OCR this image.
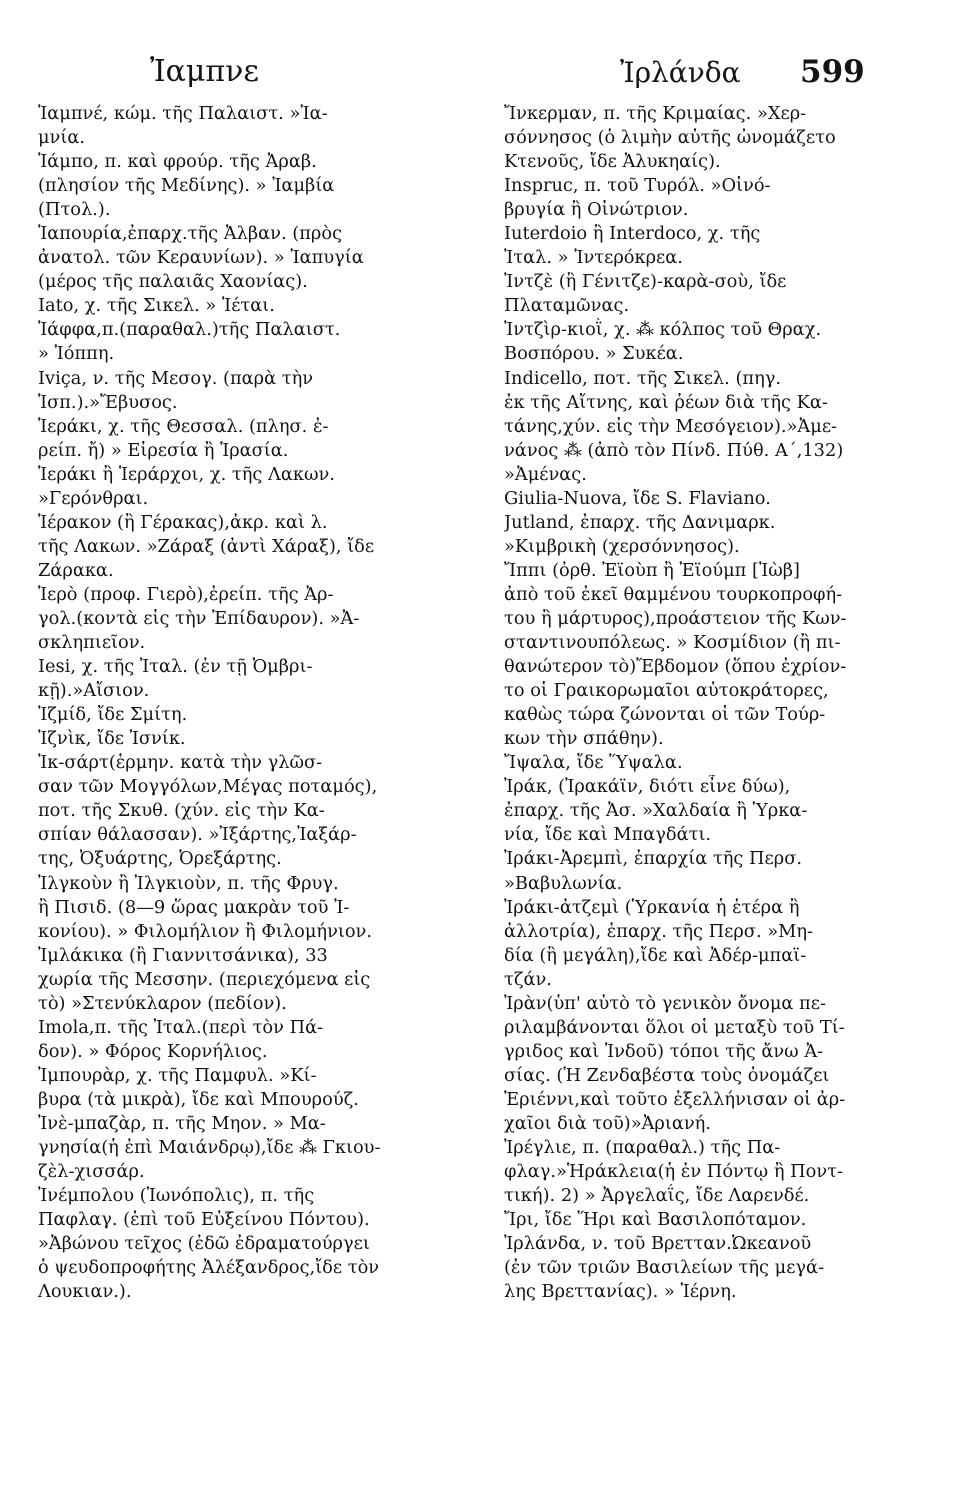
Ἰαμπνε	Ἰρλάνδα 599
Ἰαμπνέ, κώμ. τῆς Παλαιστ. »Ἰα-
μνία.
Ἰάμπο, π. καὶ φρούρ. τῆς Ἀραβ.
(πλησίον τῆς Μεδίνης). » Ἰαμβία
(Πτολ.).
Ἰαπουρία,ἐπαρχ.τῆς Ἀλβαν. (πρὸς
ἀνατολ. τῶν Κεραυνίων). » Ἰαπυγία
(μέρος τῆς παλαιᾶς Χαονίας).
Iato, χ. τῆς Σικελ. » Ἰέται.
Ἰάφφα,π.(παραθαλ.)τῆς Παλαιστ.
» Ἰόππη.
Iviça, ν. τῆς Μεσογ. (παρὰ τὴν
Ἱσπ.).»Ἔβυσος.
Ἱεράκι, χ. τῆς Θεσσαλ. (πλησ. ἐ-
ρείπ. ἤ) » Εἰρεσία ἢ Ἱρασία.
Ἱεράκι ἢ Ἱεράρχοι, χ. τῆς Λακων.
»Γερόνθραι.
Ἱέρακον (ἢ Γέρακας),ἀκρ. καὶ λ.
τῆς Λακων. »Ζάραξ (ἀντὶ Χάραξ), ἴδε
Ζάρακα.
Ἱερὸ (προφ. Γιερὸ),ἐρείπ. τῆς Ἀρ-
γολ.(κοντὰ εἰς τὴν Ἐπίδαυρον). »Ἀ-
σκληπιεῖον.
Iesi, χ. τῆς Ἰταλ. (ἐν τῇ Ὀμβρι-
κῇ).»Αἴσιον.
Ἰζμίδ, ἴδε Σμίτη.
Ἰζνὶκ, ἴδε Ἰσνίκ.
Ἰκ-σάρτ(ἑρμην. κατὰ τὴν γλῶσ-
σαν τῶν Μογγόλων,Μέγας ποταμός),
ποτ. τῆς Σκυθ. (χύν. εἰς τὴν Κα-
σπίαν θάλασσαν). »Ἰξάρτης,Ἰαξάρ-
της, Ὀξυάρτης, Ὀρεξάρτης.
Ἰλγκοὺν ἢ Ἰλγκιοὺν, π. τῆς Φρυγ.
ἢ Πισιδ. (8—9 ὥρας μακρὰν τοῦ Ἰ-
κονίου). » Φιλομήλιον ἢ Φιλομήνιον.
Ἰμλάκικα (ἢ Γιαννιτσάνικα), 33
χωρία τῆς Μεσσην. (περιεχόμενα εἰς
τὸ) »Στενύκλαρον (πεδίον).
Imola,π. τῆς Ἰταλ.(περὶ τὸν Πά-
δον). » Φόρος Κορνήλιος.
Ἰμπουρὰρ, χ. τῆς Παμφυλ. »Κί-
βυρα (τὰ μικρὰ), ἴδε καὶ Μπουρούζ.
Ἰνὲ-μπαζὰρ, π. τῆς Μηον. » Μα-
γνησία(ἡ ἐπὶ Μαιάνδρῳ),ἴδε ⁂ Γκιου-
ζὲλ-χισσάρ.
Ἰνέμπολου (Ἰωνόπολις), π. τῆς
Παφλαγ. (ἐπὶ τοῦ Εὐξείνου Πόντου).
»Ἀβώνου τεῖχος (ἐδῶ ἐδραματούργει
ὁ ψευδοπροφήτης Ἀλέξανδρος,ἴδε τὸν
Λουκιαν.).
Ἴνκερμαν, π. τῆς Κριμαίας. »Χερ-
σόννησος (ὁ λιμὴν αὐτῆς ὠνομάζετο
Κτενοῦς, ἴδε Ἀλυκηαίς).
Inspruc, π. τοῦ Τυρόλ. »Οἰνό-
βρυγία ἢ Οἰνώτριον.
Iuterdoio ἢ Interdoco, χ. τῆς
Ἰταλ. » Ἰντερόκρεα.
Ἰντζὲ (ἢ Γένιτζε)-καρὰ-σοὺ, ἴδε
Πλαταμῶνας.
Ἰντζὶρ-κιοῒ, χ. ⁂ κόλπος τοῦ Θραχ.
Βοσπόρου. » Συκέα.
Indicello, ποτ. τῆς Σικελ. (πηγ.
ἐκ τῆς Αἴτνης, καὶ ῥέων διὰ τῆς Κα-
τάνης,χύν. εἰς τὴν Μεσόγειον).»Ἀμε-
νάνος ⁂ (ἀπὸ τὸν Πίνδ. Πύθ. Α΄,132)
»Ἀμένας.
Giulia-Nuova, ἴδε S. Flaviano.
Jutland, ἐπαρχ. τῆς Δανιμαρκ.
»Κιμβρικὴ (χερσόννησος).
Ἴππι (ὀρθ. Ἐϊοὺπ ἢ Ἐϊούμπ [Ἰὼβ]
ἀπὸ τοῦ ἐκεῖ θαμμένου τουρκοπροφή-
του ἢ μάρτυρος),προάστειον τῆς Κων-
σταντινουπόλεως. » Κοσμίδιον (ἢ πι-
θανώτερον τὸ)Ἔβδομον (ὅπου ἐχρίον-
το οἱ Γραικορωμαῖοι αὐτοκράτορες,
καθὼς τώρα ζώνονται οἱ τῶν Τούρ-
κων τὴν σπάθην).
Ἴψαλα, ἴδε Ὕψαλα.
Ἰράκ, (Ἰρακάϊν, διότι εἶνε δύω),
ἐπαρχ. τῆς Ἀσ. »Χαλδαία ἢ Ὑρκα-
νία, ἴδε καὶ Μπαγδάτι.
Ἰράκι-Ἀρεμπὶ, ἐπαρχία τῆς Περσ.
»Βαβυλωνία.
Ἰράκι-ἀτζεμὶ (Ὑρκανία ἡ ἑτέρα ἢ
ἀλλοτρία), ἐπαρχ. τῆς Περσ. »Μη-
δία (ἢ μεγάλη),ἴδε καὶ Ἀδέρ-μπαϊ-
τζάν.
Ἰρὰν(ὑπ' αὐτὸ τὸ γενικὸν ὄνομα πε-
ριλαμβάνονται ὅλοι οἱ μεταξὺ τοῦ Τί-
γριδος καὶ Ἰνδοῦ) τόποι τῆς ἄνω Ἀ-
σίας. (Ἡ Ζενδαβέστα τοὺς ὀνομάζει
Ἐριέννι,καὶ τοῦτο ἐξελλήνισαν οἱ ἀρ-
χαῖοι διὰ τοῦ)»Ἀριανή.
Ἰρέγλιε, π. (παραθαλ.) τῆς Πα-
φλαγ.»Ἡράκλεια(ἡ ἐν Πόντῳ ἢ Ποντ-
τική). 2) » Ἀργελαΐς, ἴδε Λαρενδέ.
Ἴρι, ἴδε Ἥρι καὶ Βασιλοπόταμον.
Ἰρλάνδα, ν. τοῦ Βρετταν.Ὠκεανοῦ
(ἐν τῶν τριῶν Βασιλείων τῆς μεγά-
λης Βρεττανίας). » Ἰέρνη.
